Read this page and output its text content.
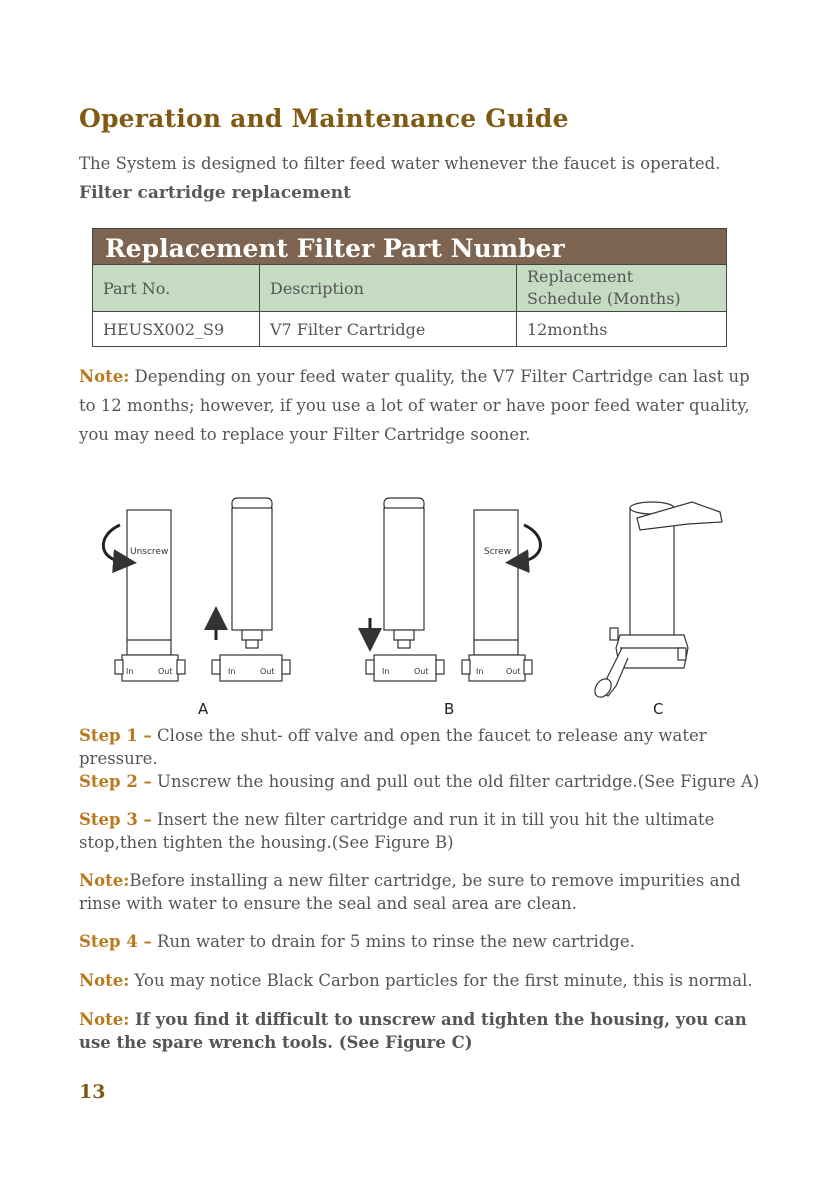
Operation and Maintenance Guide
The System is designed to filter feed water whenever the faucet is operated.
Filter cartridge replacement
Replacement Filter Part Number		
Part No.	Description	Replacement
Schedule (Months)

HEUSX002_S9	V7 Filter Cartridge	12months
Note: Depending on your feed water quality, the V7 Filter Cartridge can last up to 12 months; however, if you use a lot of water or have poor feed water quality, you may need to replace your Filter Cartridge sooner.
Unscrew
In	Out	In	Out
A
In	Out
Screw
In	Out
B	C

Step 1 – Close the shut- off valve and open the faucet to release any water pressure.

Step 2 – Unscrew the housing and pull out the old filter cartridge.(See Figure A)

Step 3 – Insert the new filter cartridge and run it in till you hit the ultimate stop,then tighten the housing.(See Figure B)

Note:Before installing a new filter cartridge, be sure to remove impurities and rinse with water to ensure the seal and seal area are clean.

Step 4 – Run water to drain for 5 mins to rinse the new cartridge.

Note: You may notice Black Carbon particles for the first minute, this is normal.

Note: If you find it difficult to unscrew and tighten the housing, you can use the spare wrench tools. (See Figure C)

13
